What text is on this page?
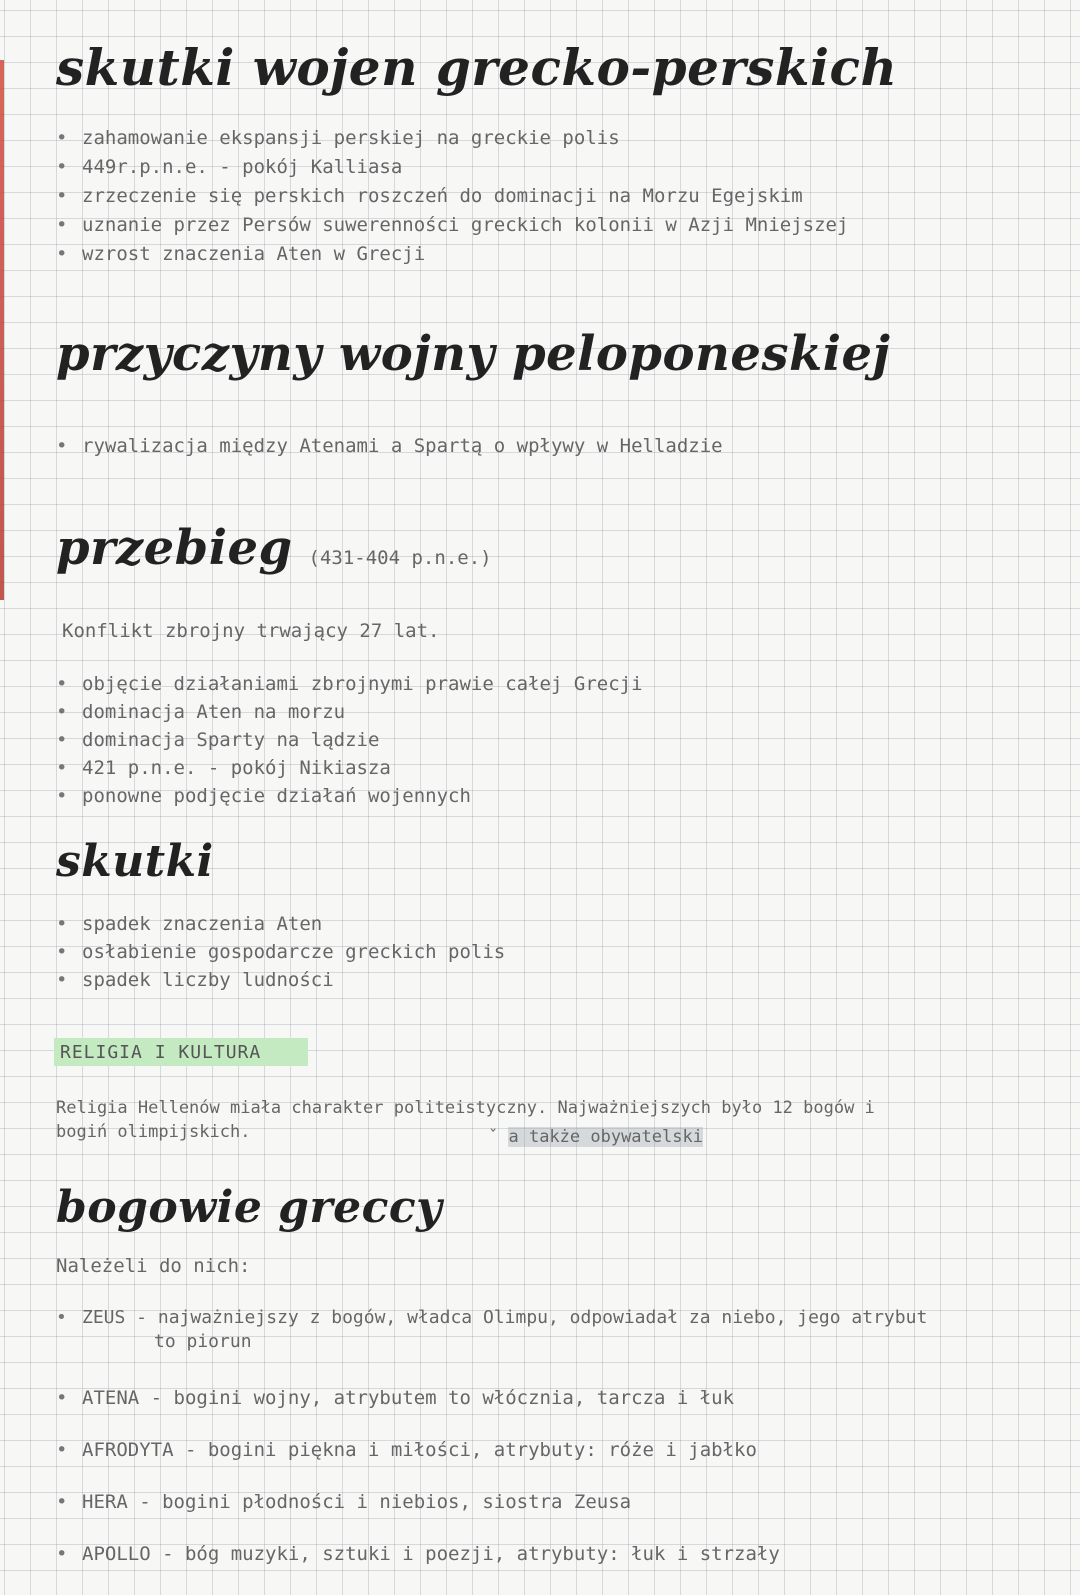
skutki wojen grecko-perskich
• zahamowanie ekspansji perskiej na greckie polis
• 449r.p.n.e. - pokój Kalliasa
• zrzeczenie się perskich roszczeń do dominacji na Morzu Egejskim
• uznanie przez Persów suwerenności greckich kolonii w Azji Mniejszej
• wzrost znaczenia Aten w Grecji
przyczyny wojny peloponeskiej
• rywalizacja między Atenami a Spartą o wpływy w Helladzie
przebieg (431-404 p.n.e.)

Konflikt zbrojny trwający 27 lat.

• objęcie działaniami zbrojnymi prawie całej Grecji
• dominacja Aten na morzu
• dominacja Sparty na lądzie
• 421 p.n.e. - pokój Nikiasza
• ponowne podjęcie działań wojennych
skutki
• spadek znaczenia Aten
• osłabienie gospodarcze greckich polis
• spadek liczby ludności
RELIGIA I KULTURA

Religia Hellenów miała charakter politeistyczny. Najważniejszych było 12 bogów i

bogiń olimpijskich.	ˇ a także obywatelski

bogowie greccy

Należeli do nich:

• ZEUS - najważniejszy z bogów, władca Olimpu, odpowiadał za niebo, jego atrybut
to piorun
• ATENA - bogini wojny, atrybutem to włócznia, tarcza i łuk
• AFRODYTA - bogini piękna i miłości, atrybuty: róże i jabłko
• HERA - bogini płodności i niebios, siostra Zeusa
• APOLLO - bóg muzyki, sztuki i poezji, atrybuty: łuk i strzały
